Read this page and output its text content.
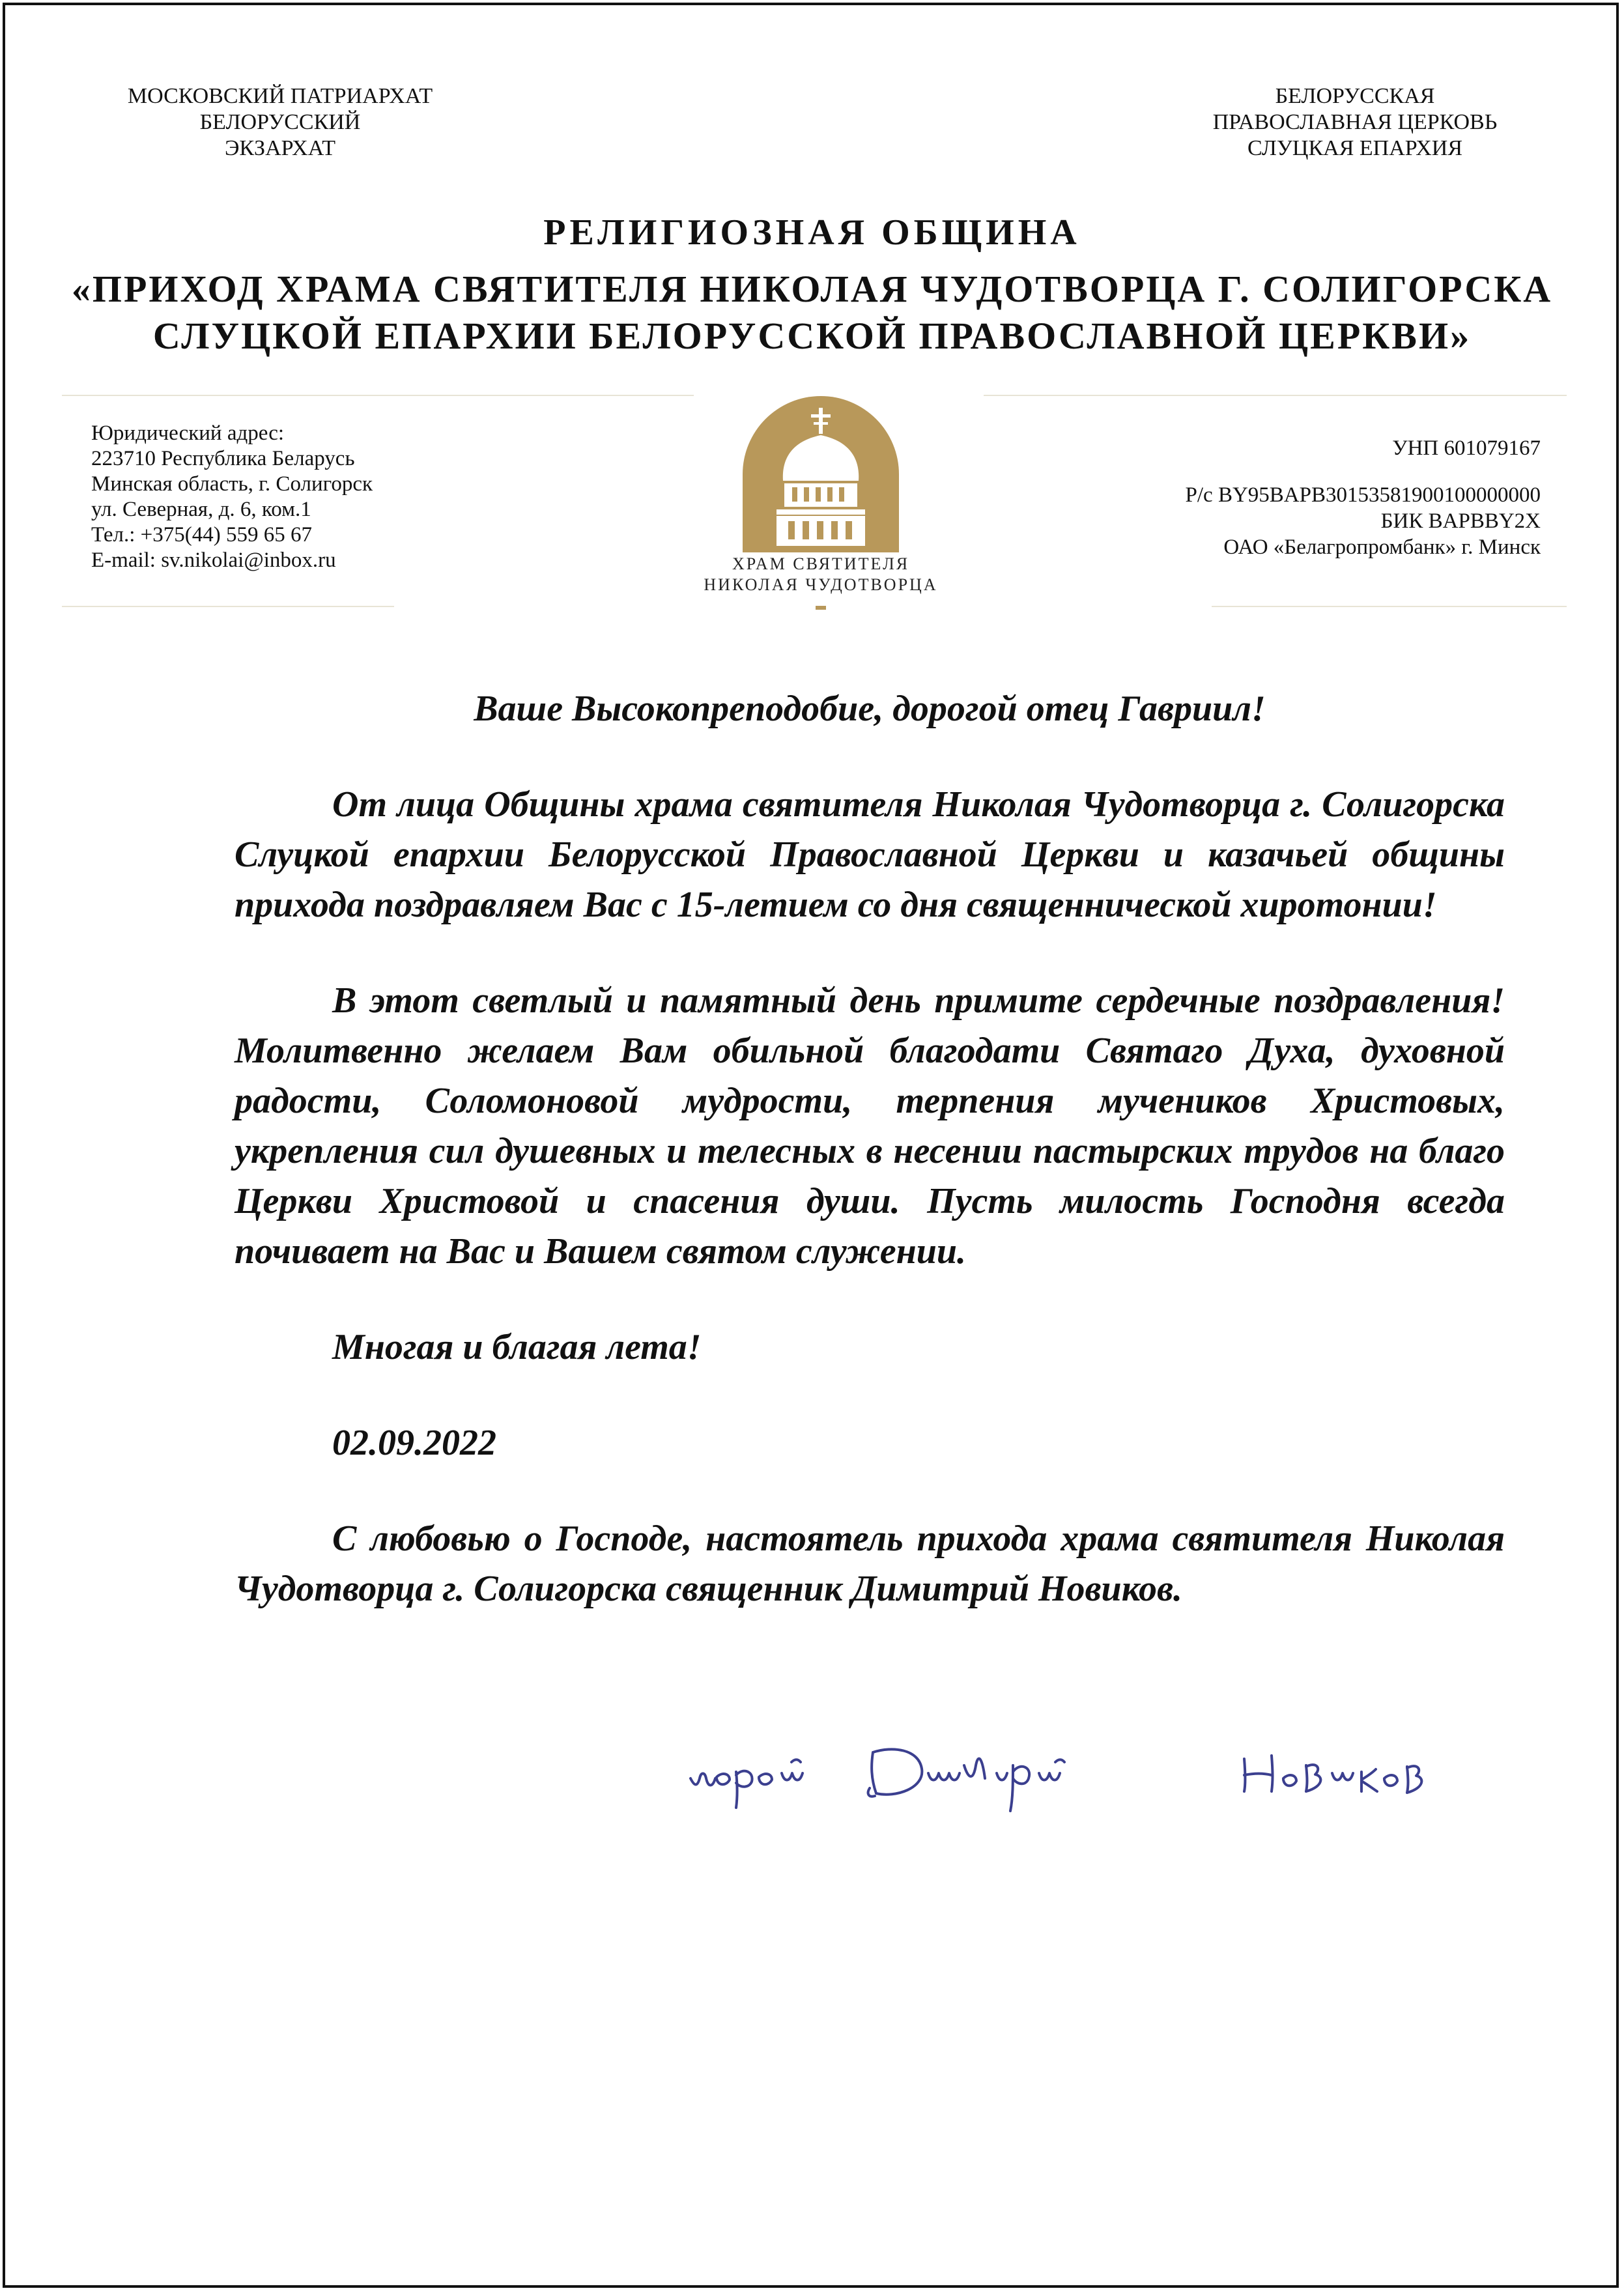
МОСКОВСКИЙ ПАТРИАРХАТ
БЕЛОРУССКИЙ
ЭКЗАРХАТ
БЕЛОРУССКАЯ
ПРАВОСЛАВНАЯ ЦЕРКОВЬ
СЛУЦКАЯ ЕПАРХИЯ
РЕЛИГИОЗНАЯ ОБЩИНА
«ПРИХОД ХРАМА СВЯТИТЕЛЯ НИКОЛАЯ ЧУДОТВОРЦА Г. СОЛИГОРСКА
СЛУЦКОЙ ЕПАРХИИ БЕЛОРУССКОЙ ПРАВОСЛАВНОЙ ЦЕРКВИ»
Юридический адрес:
223710 Республика Беларусь
Минская область, г. Солигорск
ул. Северная, д. 6, ком.1
Тел.: +375(44) 559 65 67
E-mail: sv.nikolai@inbox.ru
УНП 601079167
Р/с BY95BAPB30153581900100000000
БИК BAPBBY2X
ОАО «Белагропромбанк» г. Минск
ХРАМ СВЯТИТЕЛЯ
НИКОЛАЯ ЧУДОТВОРЦА

Ваше Высокопреподобие, дорогой отец Гавриил!

От лица Общины храма святителя Николая Чудотворца г. Солигорска Слуцкой епархии Белорусской Православной Церкви и казачьей общины прихода поздравляем Вас с 15-летием со дня священнической хиротонии!

В этот светлый и памятный день примите сердечные поздравления! Молитвенно желаем Вам обильной благодати Святаго Духа, духовной радости, Соломоновой мудрости, терпения мучеников Христовых, укрепления сил душевных и телесных в несении пастырских трудов на благо Церкви Христовой и спасения души. Пусть милость Господня всегда почивает на Вас и Вашем святом служении.

Многая и благая лета!

02.09.2022

С любовью о Господе, настоятель прихода храма святителя Николая Чудотворца г. Солигорска священник Димитрий Новиков.
